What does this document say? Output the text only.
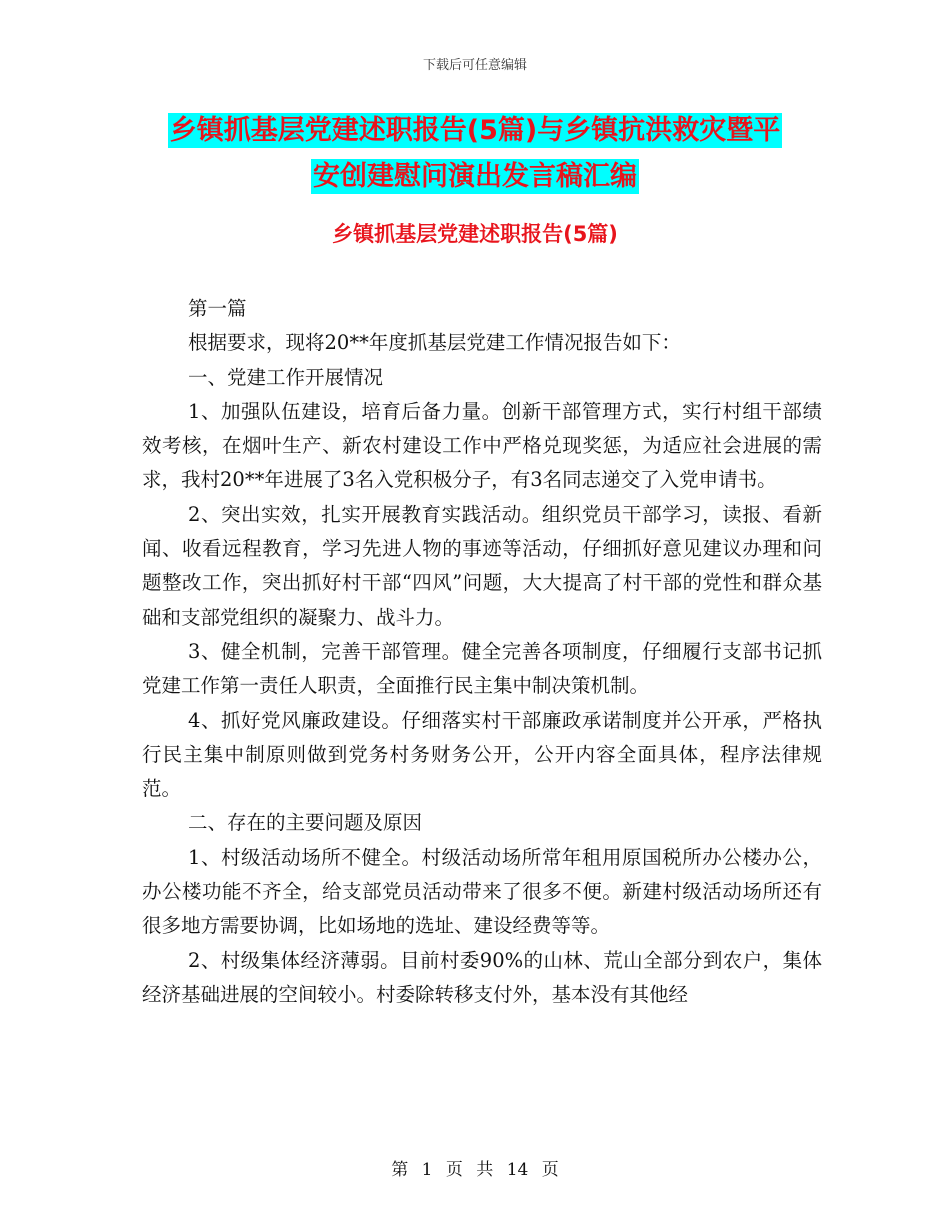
下载后可任意编辑
乡镇抓基层党建述职报告(5篇)与乡镇抗洪救灾暨平
安创建慰问演出发言稿汇编
乡镇抓基层党建述职报告(5篇)

第一篇

根据要求，现将20**年度抓基层党建工作情况报告如下：

一、党建工作开展情况

1、加强队伍建设，培育后备力量。创新干部管理方式，实行村组干部绩效考核，在烟叶生产、新农村建设工作中严格兑现奖惩，为适应社会进展的需求，我村20**年进展了3名入党积极分子，有3名同志递交了入党申请书。

2、突出实效，扎实开展教育实践活动。组织党员干部学习，读报、看新闻、收看远程教育，学习先进人物的事迹等活动，仔细抓好意见建议办理和问题整改工作，突出抓好村干部“四风”问题，大大提高了村干部的党性和群众基础和支部党组织的凝聚力、战斗力。

3、健全机制，完善干部管理。健全完善各项制度，仔细履行支部书记抓党建工作第一责任人职责，全面推行民主集中制决策机制。

4、抓好党风廉政建设。仔细落实村干部廉政承诺制度并公开承，严格执行民主集中制原则做到党务村务财务公开，公开内容全面具体，程序法律规范。

二、存在的主要问题及原因

1、村级活动场所不健全。村级活动场所常年租用原国税所办公楼办公，办公楼功能不齐全，给支部党员活动带来了很多不便。新建村级活动场所还有很多地方需要协调，比如场地的选址、建设经费等等。

2、村级集体经济薄弱。目前村委90%的山林、荒山全部分到农户，集体经济基础进展的空间较小。村委除转移支付外，基本没有其他经

第 1 页 共 14 页
